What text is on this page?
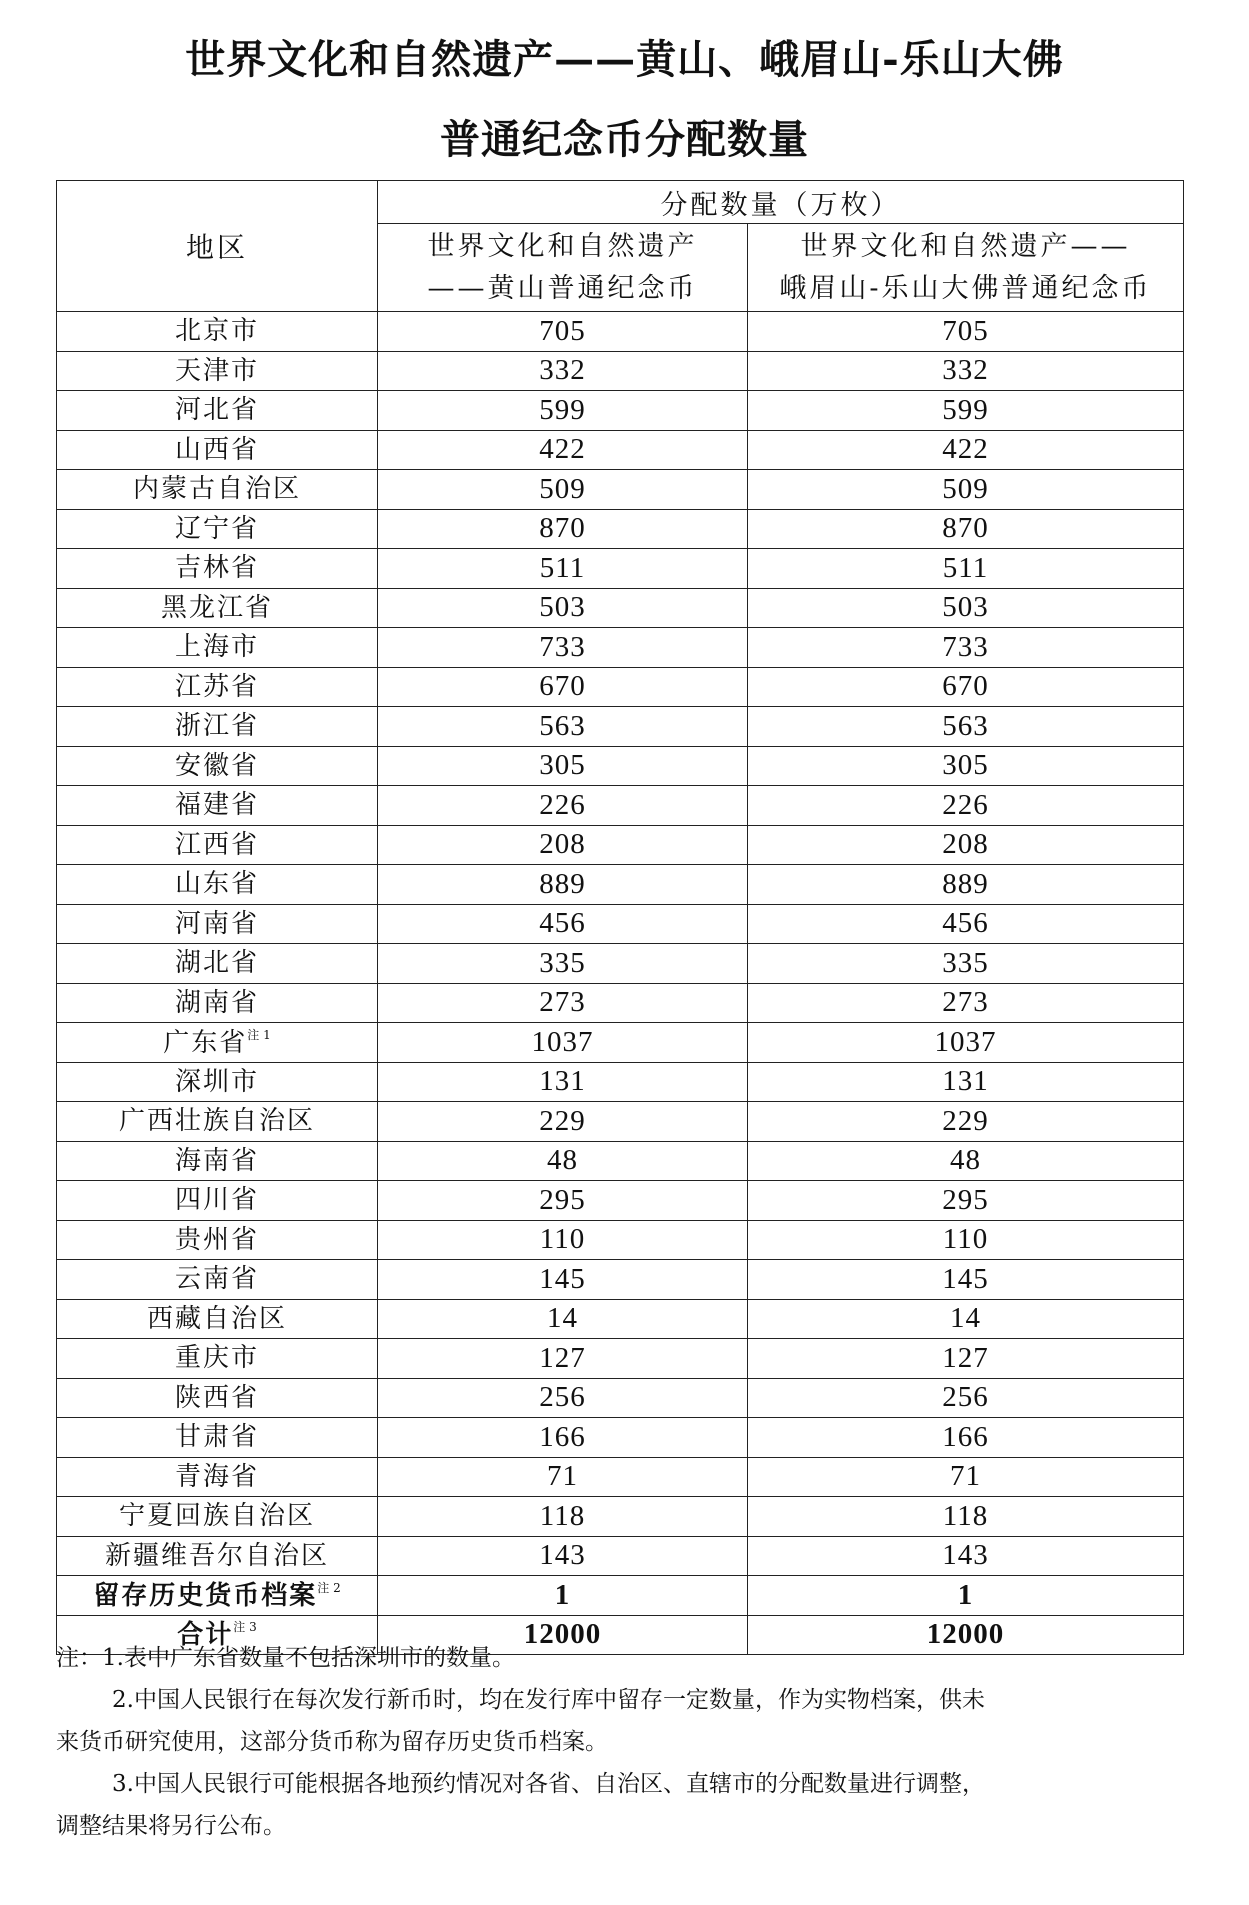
世界文化和自然遗产——黄山、峨眉山-乐山大佛
普通纪念币分配数量
地区	分配数量（万枚）	

世界文化和自然遗产
——黄山普通纪念币

世界文化和自然遗产——
峨眉山-乐山大佛普通纪念币

北京市	705	705
天津市	332	332
河北省	599	599
山西省	422	422
内蒙古自治区	509	509
辽宁省	870	870
吉林省	511	511
黑龙江省	503	503
上海市	733	733
江苏省	670	670
浙江省	563	563
安徽省	305	305
福建省	226	226
江西省	208	208
山东省	889	889
河南省	456	456
湖北省	335	335
湖南省	273	273
广东省$^{注 1}$	1037	1037
深圳市	131	131
广西壮族自治区	229	229
海南省	48	48
四川省	295	295
贵州省	110	110
云南省	145	145
西藏自治区	14	14
重庆市	127	127
陕西省	256	256
甘肃省	166	166
青海省	71	71
宁夏回族自治区	118	118
新疆维吾尔自治区	143	143
留存历史货币档案$^{注 2}$	1	1
合计$^{注 3}$	12000	12000

注：1.表中广东省数量不包括深圳市的数量。

2.中国人民银行在每次发行新币时，均在发行库中留存一定数量，作为实物档案，供未

来货币研究使用，这部分货币称为留存历史货币档案。

3.中国人民银行可能根据各地预约情况对各省、自治区、直辖市的分配数量进行调整，

调整结果将另行公布。
